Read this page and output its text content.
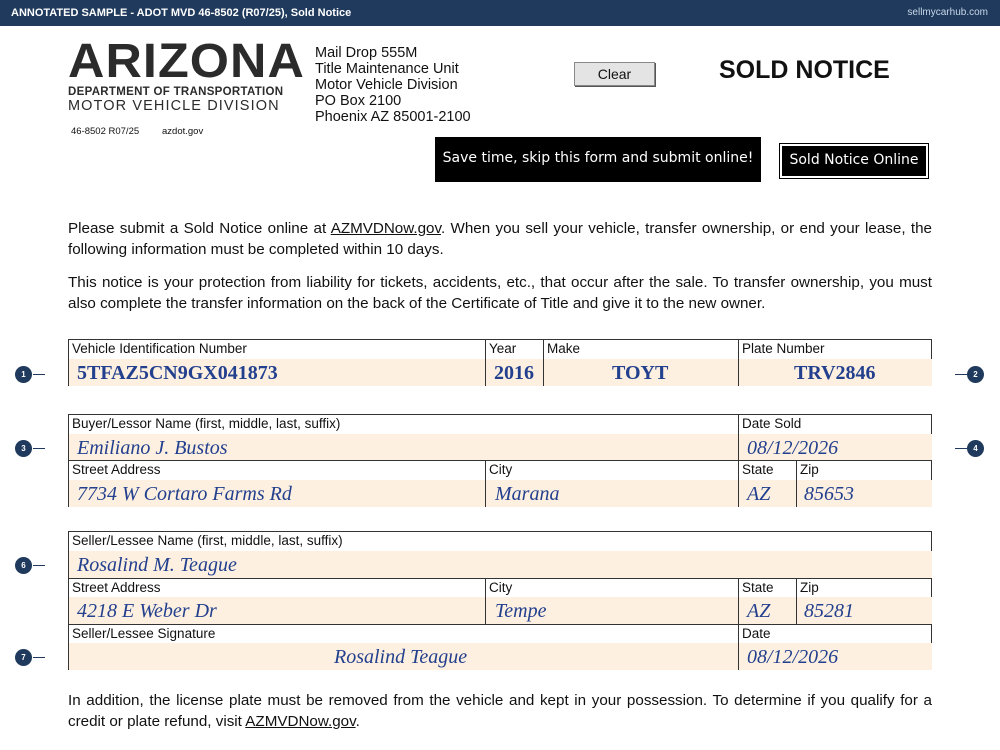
ANNOTATED SAMPLE - ADOT MVD 46-8502 (R07/25), Sold Notice	sellmycarhub.com
ARIZONA
DEPARTMENT OF TRANSPORTATION
MOTOR VEHICLE DIVISION
46-8502 R07/25 azdot.gov
Mail Drop 555M
Title Maintenance Unit
Motor Vehicle Division
PO Box 2100
Phoenix AZ 85001-2100
Clear	SOLD NOTICE
Save time, skip this form and submit online!	Sold Notice Online
Please submit a Sold Notice online at AZMVDNow.gov. When you sell your vehicle, transfer ownership, or end your lease, the following information must be completed within 10 days.
This notice is your protection from liability for tickets, accidents, etc., that occur after the sale. To transfer ownership, you must also complete the transfer information on the back of the Certificate of Title and give it to the new owner.
Vehicle Identification Number
5TFAZ5CN9GX041873
Year
2016
Make
TOYT
Plate Number
TRV2846
Buyer/Lessor Name (first, middle, last, suffix)
Emiliano J. Bustos
Date Sold
08/12/2026
Street Address
7734 W Cortaro Farms Rd
City
Marana
State
AZ
Zip
85653
Seller/Lessee Name (first, middle, last, suffix)
Rosalind M. Teague
Street Address
4218 E Weber Dr
City
Tempe
State
AZ
Zip
85281
Seller/Lessee Signature
Rosalind Teague
Date
08/12/2026
In addition, the license plate must be removed from the vehicle and kept in your possession. To determine if you qualify for a credit or plate refund, visit AZMVDNow.gov.
1	2
3	4
6
7
